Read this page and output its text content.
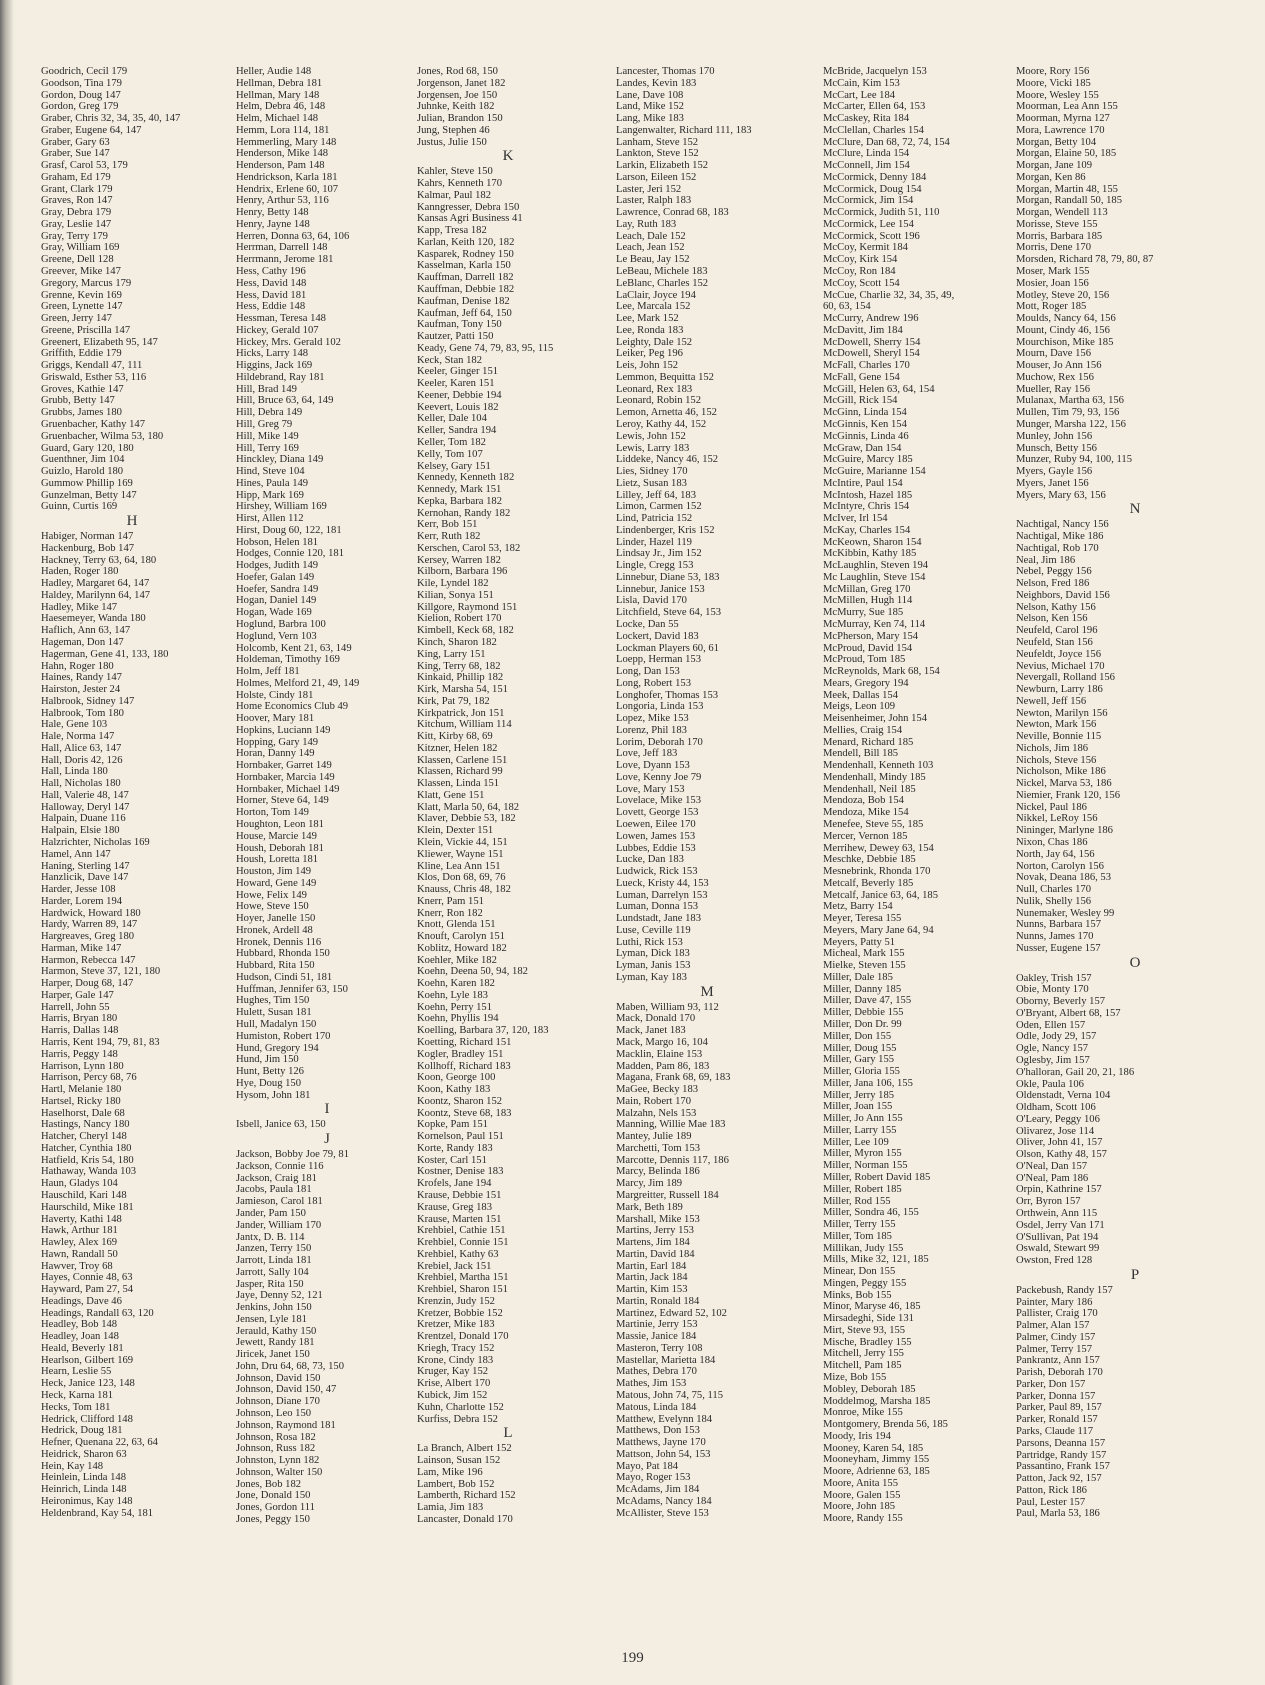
Goodrich, Cecil 179
Goodson, Tina 179
Gordon, Doug 147
Gordon, Greg 179
Graber, Chris 32, 34, 35, 40, 147
Graber, Eugene 64, 147
Graber, Gary 63
Graber, Sue 147
Grasf, Carol 53, 179
Graham, Ed 179
Grant, Clark 179
Graves, Ron 147
Gray, Debra 179
Gray, Leslie 147
Gray, Terry 179
Gray, William 169
Greene, Dell 128
Greever, Mike 147
Gregory, Marcus 179
Grenne, Kevin 169
Green, Lynette 147
Green, Jerry 147
Greene, Priscilla 147
Greenert, Elizabeth 95, 147
Griffith, Eddie 179
Griggs, Kendall 47, 111
Griswald, Esther 53, 116
Groves, Kathie 147
Grubb, Betty 147
Grubbs, James 180
Gruenbacher, Kathy 147
Gruenbacher, Wilma 53, 180
Guard, Gary 120, 180
Guenthner, Jim 104
Guizlo, Harold 180
Gummow Phillip 169
Gunzelman, Betty 147
Guinn, Curtis 169
H
Habiger, Norman 147
Hackenburg, Bob 147
Hackney, Terry 63, 64, 180
Haden, Roger 180
Hadley, Margaret 64, 147
Haldey, Marilynn 64, 147
Hadley, Mike 147
Haesemeyer, Wanda 180
Haflich, Ann 63, 147
Hageman, Don 147
Hagerman, Gene 41, 133, 180
Hahn, Roger 180
Haines, Randy 147
Hairston, Jester 24
Halbrook, Sidney 147
Halbrook, Tom 180
Hale, Gene 103
Hale, Norma 147
Hall, Alice 63, 147
Hall, Doris 42, 126
Hall, Linda 180
Hall, Nicholas 180
Hall, Valerie 48, 147
Halloway, Deryl 147
Halpain, Duane 116
Halpain, Elsie 180
Halzrichter, Nicholas 169
Hamel, Ann 147
Haning, Sterling 147
Hanzlicik, Dave 147
Harder, Jesse 108
Harder, Lorem 194
Hardwick, Howard 180
Hardy, Warren 89, 147
Hargreaves, Greg 180
Harman, Mike 147
Harmon, Rebecca 147
Harmon, Steve 37, 121, 180
Harper, Doug 68, 147
Harper, Gale 147
Harrell, John 55
Harris, Bryan 180
Harris, Dallas 148
Harris, Kent 194, 79, 81, 83
Harris, Peggy 148
Harrison, Lynn 180
Harrison, Percy 68, 76
Hartl, Melanie 180
Hartsel, Ricky 180
Haselhorst, Dale 68
Hastings, Nancy 180
Hatcher, Cheryl 148
Hatcher, Cynthia 180
Hatfield, Kris 54, 180
Hathaway, Wanda 103
Haun, Gladys 104
Hauschild, Kari 148
Haurschild, Mike 181
Haverty, Kathi 148
Hawk, Arthur 181
Hawley, Alex 169
Hawn, Randall 50
Hawver, Troy 68
Hayes, Connie 48, 63
Hayward, Pam 27, 54
Headings, Dave 46
Headings, Randall 63, 120
Headley, Bob 148
Headley, Joan 148
Heald, Beverly 181
Hearlson, Gilbert 169
Hearn, Leslie 55
Heck, Janice 123, 148
Heck, Karna 181
Hecks, Tom 181
Hedrick, Clifford 148
Hedrick, Doug 181
Hefner, Quenana 22, 63, 64
Heidrick, Sharon 63
Hein, Kay 148
Heinlein, Linda 148
Heinrich, Linda 148
Heironimus, Kay 148
Heldenbrand, Kay 54, 181
Heller, Audie 148
Hellman, Debra 181
Hellman, Mary 148
Helm, Debra 46, 148
Helm, Michael 148
Hemm, Lora 114, 181
Hemmerling, Mary 148
Henderson, Mike 148
Henderson, Pam 148
Hendrickson, Karla 181
Hendrix, Erlene 60, 107
Henry, Arthur 53, 116
Henry, Betty 148
Henry, Jayne 148
Herren, Donna 63, 64, 106
Herrman, Darrell 148
Herrmann, Jerome 181
Hess, Cathy 196
Hess, David 148
Hess, David 181
Hess, Eddie 148
Hessman, Teresa 148
Hickey, Gerald 107
Hickey, Mrs. Gerald 102
Hicks, Larry 148
Higgins, Jack 169
Hildebrand, Ray 181
Hill, Brad 149
Hill, Bruce 63, 64, 149
Hill, Debra 149
Hill, Greg 79
Hill, Mike 149
Hill, Terry 169
Hinckley, Diana 149
Hind, Steve 104
Hines, Paula 149
Hipp, Mark 169
Hirshey, William 169
Hirst, Allen 112
Hirst, Doug 60, 122, 181
Hobson, Helen 181
Hodges, Connie 120, 181
Hodges, Judith 149
Hoefer, Galan 149
Hoefer, Sandra 149
Hogan, Daniel 149
Hogan, Wade 169
Hoglund, Barbra 100
Hoglund, Vern 103
Holcomb, Kent 21, 63, 149
Holdeman, Timothy 169
Holm, Jeff 181
Holmes, Melford 21, 49, 149
Holste, Cindy 181
Home Economics Club 49
Hoover, Mary 181
Hopkins, Luciann 149
Hopping, Gary 149
Horan, Danny 149
Hornbaker, Garret 149
Hornbaker, Marcia 149
Hornbaker, Michael 149
Horner, Steve 64, 149
Horton, Tom 149
Houghton, Leon 181
House, Marcie 149
Housh, Deborah 181
Housh, Loretta 181
Houston, Jim 149
Howard, Gene 149
Howe, Felix 149
Howe, Steve 150
Hoyer, Janelle 150
Hronek, Ardell 48
Hronek, Dennis 116
Hubbard, Rhonda 150
Hubbard, Rita 150
Hudson, Cindi 51, 181
Huffman, Jennifer 63, 150
Hughes, Tim 150
Hulett, Susan 181
Hull, Madalyn 150
Humiston, Robert 170
Hund, Gregory 194
Hund, Jim 150
Hunt, Betty 126
Hye, Doug 150
Hysom, John 181
I
Isbell, Janice 63, 150
J
Jackson, Bobby Joe 79, 81
Jackson, Connie 116
Jackson, Craig 181
Jacobs, Paula 181
Jamieson, Carol 181
Jander, Pam 150
Jander, William 170
Jantx, D. B. 114
Janzen, Terry 150
Jarrott, Linda 181
Jarrott, Sally 104
Jasper, Rita 150
Jaye, Denny 52, 121
Jenkins, John 150
Jensen, Lyle 181
Jerauld, Kathy 150
Jewett, Randy 181
Jiricek, Janet 150
John, Dru 64, 68, 73, 150
Johnson, David 150
Johnson, David 150, 47
Johnson, Diane 170
Johnson, Leo 150
Johnson, Raymond 181
Johnson, Rosa 182
Johnson, Russ 182
Johnston, Lynn 182
Johnson, Walter 150
Jones, Bob 182
Jone, Donald 150
Jones, Gordon 111
Jones, Peggy 150
Jones, Rod 68, 150
Jorgenson, Janet 182
Jorgensen, Joe 150
Juhnke, Keith 182
Julian, Brandon 150
Jung, Stephen 46
Justus, Julie 150
K
Kahler, Steve 150
Kahrs, Kenneth 170
Kalmar, Paul 182
Kanngresser, Debra 150
Kansas Agri Business 41
Kapp, Tresa 182
Karlan, Keith 120, 182
Kasparek, Rodney 150
Kasselman, Karla 150
Kauffman, Darrell 182
Kauffman, Debbie 182
Kaufman, Denise 182
Kaufman, Jeff 64, 150
Kaufman, Tony 150
Kautzer, Patti 150
Keady, Gene 74, 79, 83, 95, 115
Keck, Stan 182
Keeler, Ginger 151
Keeler, Karen 151
Keener, Debbie 194
Keevert, Louis 182
Keller, Dale 104
Keller, Sandra 194
Keller, Tom 182
Kelly, Tom 107
Kelsey, Gary 151
Kennedy, Kenneth 182
Kennedy, Mark 151
Kepka, Barbara 182
Kernohan, Randy 182
Kerr, Bob 151
Kerr, Ruth 182
Kerschen, Carol 53, 182
Kersey, Warren 182
Kilborn, Barbara 196
Kile, Lyndel 182
Kilian, Sonya 151
Killgore, Raymond 151
Kielion, Robert 170
Kimbell, Keck 68, 182
Kinch, Sharon 182
King, Larry 151
King, Terry 68, 182
Kinkaid, Phillip 182
Kirk, Marsha 54, 151
Kirk, Pat 79, 182
Kirkpatrick, Jon 151
Kitchum, William 114
Kitt, Kirby 68, 69
Kitzner, Helen 182
Klassen, Carlene 151
Klassen, Richard 99
Klassen, Linda 151
Klatt, Gene 151
Klatt, Marla 50, 64, 182
Klaver, Debbie 53, 182
Klein, Dexter 151
Klein, Vickie 44, 151
Kliewer, Wayne 151
Kline, Lea Ann 151
Klos, Don 68, 69, 76
Knauss, Chris 48, 182
Knerr, Pam 151
Knerr, Ron 182
Knott, Glenda 151
Knouft, Carolyn 151
Koblitz, Howard 182
Koehler, Mike 182
Koehn, Deena 50, 94, 182
Koehn, Karen 182
Koehn, Lyle 183
Koehn, Perry 151
Koehn, Phyllis 194
Koelling, Barbara 37, 120, 183
Koetting, Richard 151
Kogler, Bradley 151
Kollhoff, Richard 183
Koon, George 100
Koon, Kathy 183
Koontz, Sharon 152
Koontz, Steve 68, 183
Kopke, Pam 151
Kornelson, Paul 151
Korte, Randy 183
Koster, Carl 151
Kostner, Denise 183
Krofels, Jane 194
Krause, Debbie 151
Krause, Greg 183
Krause, Marten 151
Krehbiel, Cathie 151
Krehbiel, Connie 151
Krehbiel, Kathy 63
Krebiel, Jack 151
Krehbiel, Martha 151
Krehbiel, Sharon 151
Krenzin, Judy 152
Kretzer, Bobbie 152
Kretzer, Mike 183
Krentzel, Donald 170
Kriegh, Tracy 152
Krone, Cindy 183
Kruger, Kay 152
Krise, Albert 170
Kubick, Jim 152
Kuhn, Charlotte 152
Kurfiss, Debra 152
L
La Branch, Albert 152
Lainson, Susan 152
Lam, Mike 196
Lambert, Bob 152
Lamberth, Richard 152
Lamia, Jim 183
Lancaster, Donald 170
Lancester, Thomas 170
Landes, Kevin 183
Lane, Dave 108
Land, Mike 152
Lang, Mike 183
Langenwalter, Richard 111, 183
Lanham, Steve 152
Lankton, Steve 152
Larkin, Elizabeth 152
Larson, Eileen 152
Laster, Jeri 152
Laster, Ralph 183
Lawrence, Conrad 68, 183
Lay, Ruth 183
Leach, Dale 152
Leach, Jean 152
Le Beau, Jay 152
LeBeau, Michele 183
LeBlanc, Charles 152
LaClair, Joyce 194
Lee, Marcala 152
Lee, Mark 152
Lee, Ronda 183
Leighty, Dale 152
Leiker, Peg 196
Leis, John 152
Lemmon, Bequitta 152
Leonard, Rex 183
Leonard, Robin 152
Lemon, Arnetta 46, 152
Leroy, Kathy 44, 152
Lewis, John 152
Lewis, Larry 183
Liddeke, Nancy 46, 152
Lies, Sidney 170
Lietz, Susan 183
Lilley, Jeff 64, 183
Limon, Carmen 152
Lind, Patricia 152
Lindenberger, Kris 152
Linder, Hazel 119
Lindsay Jr., Jim 152
Lingle, Cregg 153
Linnebur, Diane 53, 183
Linnebur, Janice 153
Lisla, David 170
Litchfield, Steve 64, 153
Locke, Dan 55
Lockert, David 183
Lockman Players 60, 61
Loepp, Herman 153
Long, Dan 153
Long, Robert 153
Longhofer, Thomas 153
Longoria, Linda 153
Lopez, Mike 153
Lorenz, Phil 183
Lorim, Deborah 170
Love, Jeff 183
Love, Dyann 153
Love, Kenny Joe 79
Love, Mary 153
Lovelace, Mike 153
Lovett, George 153
Loewen, Eilee 170
Lowen, James 153
Lubbes, Eddie 153
Lucke, Dan 183
Ludwick, Rick 153
Lueck, Kristy 44, 153
Luman, Darrelyn 153
Luman, Donna 153
Lundstadt, Jane 183
Luse, Ceville 119
Luthi, Rick 153
Lyman, Dick 183
Lyman, Janis 153
Lyman, Kay 183
M
Maben, William 93, 112
Mack, Donald 170
Mack, Janet 183
Mack, Margo 16, 104
Macklin, Elaine 153
Madden, Pam 86, 183
Magana, Frank 68, 69, 183
MaGee, Becky 183
Main, Robert 170
Malzahn, Nels 153
Manning, Willie Mae 183
Mantey, Julie 189
Marchetti, Tom 153
Marcotte, Dennis 117, 186
Marcy, Belinda 186
Marcy, Jim 189
Margreitter, Russell 184
Mark, Beth 189
Marshall, Mike 153
Martins, Jerry 153
Martens, Jim 184
Martin, David 184
Martin, Earl 184
Martin, Jack 184
Martin, Kim 153
Martin, Ronald 184
Martinez, Edward 52, 102
Martinie, Jerry 153
Massie, Janice 184
Masteron, Terry 108
Mastellar, Marietta 184
Mathes, Debra 170
Mathes, Jim 153
Matous, John 74, 75, 115
Matous, Linda 184
Matthew, Evelynn 184
Matthews, Don 153
Matthews, Jayne 170
Mattson, John 54, 153
Mayo, Pat 184
Mayo, Roger 153
McAdams, Jim 184
McAdams, Nancy 184
McAllister, Steve 153
McBride, Jacquelyn 153
McCain, Kim 153
McCart, Lee 184
McCarter, Ellen 64, 153
McCaskey, Rita 184
McClellan, Charles 154
McClure, Dan 68, 72, 74, 154
McClure, Linda 154
McConnell, Jim 154
McCormick, Denny 184
McCormick, Doug 154
McCormick, Jim 154
McCormick, Judith 51, 110
McCormick, Lee 154
McCormick, Scott 196
McCoy, Kermit 184
McCoy, Kirk 154
McCoy, Ron 184
McCoy, Scott 154
McCue, Charlie 32, 34, 35, 49,
60, 63, 154
McCurry, Andrew 196
McDavitt, Jim 184
McDowell, Sherry 154
McDowell, Sheryl 154
McFall, Charles 170
McFall, Gene 154
McGill, Helen 63, 64, 154
McGill, Rick 154
McGinn, Linda 154
McGinnis, Ken 154
McGinnis, Linda 46
McGraw, Dan 154
McGuire, Marcy 185
McGuire, Marianne 154
McIntire, Paul 154
McIntosh, Hazel 185
McIntyre, Chris 154
McIver, Irl 154
McKay, Charles 154
McKeown, Sharon 154
McKibbin, Kathy 185
McLaughlin, Steven 194
Mc Laughlin, Steve 154
McMillan, Greg 170
McMillen, Hugh 114
McMurry, Sue 185
McMurray, Ken 74, 114
McPherson, Mary 154
McProud, David 154
McProud, Tom 185
McReynolds, Mark 68, 154
Mears, Gregory 194
Meek, Dallas 154
Meigs, Leon 109
Meisenheimer, John 154
Mellies, Craig 154
Menard, Richard 185
Mendell, Bill 185
Mendenhall, Kenneth 103
Mendenhall, Mindy 185
Mendenhall, Neil 185
Mendoza, Bob 154
Mendoza, Mike 154
Menefee, Steve 55, 185
Mercer, Vernon 185
Merrihew, Dewey 63, 154
Meschke, Debbie 185
Mesnebrink, Rhonda 170
Metcalf, Beverly 185
Metcalf, Janice 63, 64, 185
Metz, Barry 154
Meyer, Teresa 155
Meyers, Mary Jane 64, 94
Meyers, Patty 51
Micheal, Mark 155
Mielke, Steven 155
Miller, Dale 185
Miller, Danny 185
Miller, Dave 47, 155
Miller, Debbie 155
Miller, Don Dr. 99
Miller, Don 155
Miller, Doug 155
Miller, Gary 155
Miller, Gloria 155
Miller, Jana 106, 155
Miller, Jerry 185
Miller, Joan 155
Miller, Jo Ann 155
Miller, Larry 155
Miller, Lee 109
Miller, Myron 155
Miller, Norman 155
Miller, Robert David 185
Miller, Robert 185
Miller, Rod 155
Miller, Sondra 46, 155
Miller, Terry 155
Miller, Tom 185
Millikan, Judy 155
Mills, Mike 32, 121, 185
Minear, Don 155
Mingen, Peggy 155
Minks, Bob 155
Minor, Maryse 46, 185
Mirsadeghi, Side 131
Mirt, Steve 93, 155
Mische, Bradley 155
Mitchell, Jerry 155
Mitchell, Pam 185
Mize, Bob 155
Mobley, Deborah 185
Moddelmog, Marsha 185
Monroe, Mike 155
Montgomery, Brenda 56, 185
Moody, Iris 194
Mooney, Karen 54, 185
Mooneyham, Jimmy 155
Moore, Adrienne 63, 185
Moore, Anita 155
Moore, Galen 155
Moore, John 185
Moore, Randy 155
Moore, Rory 156
Moore, Vicki 185
Moore, Wesley 155
Moorman, Lea Ann 155
Moorman, Myrna 127
Mora, Lawrence 170
Morgan, Betty 104
Morgan, Elaine 50, 185
Morgan, Jane 109
Morgan, Ken 86
Morgan, Martin 48, 155
Morgan, Randall 50, 185
Morgan, Wendell 113
Morisse, Steve 155
Morris, Barbara 185
Morris, Dene 170
Morsden, Richard 78, 79, 80, 87
Moser, Mark 155
Mosier, Joan 156
Motley, Steve 20, 156
Mott, Roger 185
Moulds, Nancy 64, 156
Mount, Cindy 46, 156
Mourchison, Mike 185
Mourn, Dave 156
Mouser, Jo Ann 156
Muchow, Rex 156
Mueller, Ray 156
Mulanax, Martha 63, 156
Mullen, Tim 79, 93, 156
Munger, Marsha 122, 156
Munley, John 156
Munsch, Betty 156
Munzer, Ruby 94, 100, 115
Myers, Gayle 156
Myers, Janet 156
Myers, Mary 63, 156
N
Nachtigal, Nancy 156
Nachtigal, Mike 186
Nachtigal, Rob 170
Neal, Jim 186
Nebel, Peggy 156
Nelson, Fred 186
Neighbors, David 156
Nelson, Kathy 156
Nelson, Ken 156
Neufeld, Carol 196
Neufeld, Stan 156
Neufeldt, Joyce 156
Nevius, Michael 170
Nevergall, Rolland 156
Newburn, Larry 186
Newell, Jeff 156
Newton, Marilyn 156
Newton, Mark 156
Neville, Bonnie 115
Nichols, Jim 186
Nichols, Steve 156
Nicholson, Mike 186
Nickel, Marva 53, 186
Niemier, Frank 120, 156
Nickel, Paul 186
Nikkel, LeRoy 156
Nininger, Marlyne 186
Nixon, Chas 186
North, Jay 64, 156
Norton, Carolyn 156
Novak, Deana 186, 53
Null, Charles 170
Nulik, Shelly 156
Nunemaker, Wesley 99
Nunns, Barbara 157
Nunns, James 170
Nusser, Eugene 157
O
Oakley, Trish 157
Obie, Monty 170
Oborny, Beverly 157
O'Bryant, Albert 68, 157
Oden, Ellen 157
Odle, Jody 29, 157
Ogle, Nancy 157
Oglesby, Jim 157
O'halloran, Gail 20, 21, 186
Okle, Paula 106
Oldenstadt, Verna 104
Oldham, Scott 106
O'Leary, Peggy 106
Olivarez, Jose 114
Oliver, John 41, 157
Olson, Kathy 48, 157
O'Neal, Dan 157
O'Neal, Pam 186
Orpin, Kathrine 157
Orr, Byron 157
Orthwein, Ann 115
Osdel, Jerry Van 171
O'Sullivan, Pat 194
Oswald, Stewart 99
Owston, Fred 128
P
Packebush, Randy 157
Painter, Mary 186
Pallister, Craig 170
Palmer, Alan 157
Palmer, Cindy 157
Palmer, Terry 157
Pankrantz, Ann 157
Parish, Deborah 170
Parker, Don 157
Parker, Donna 157
Parker, Paul 89, 157
Parker, Ronald 157
Parks, Claude 117
Parsons, Deanna 157
Partridge, Randy 157
Passantino, Frank 157
Patton, Jack 92, 157
Patton, Rick 186
Paul, Lester 157
Paul, Marla 53, 186
199
